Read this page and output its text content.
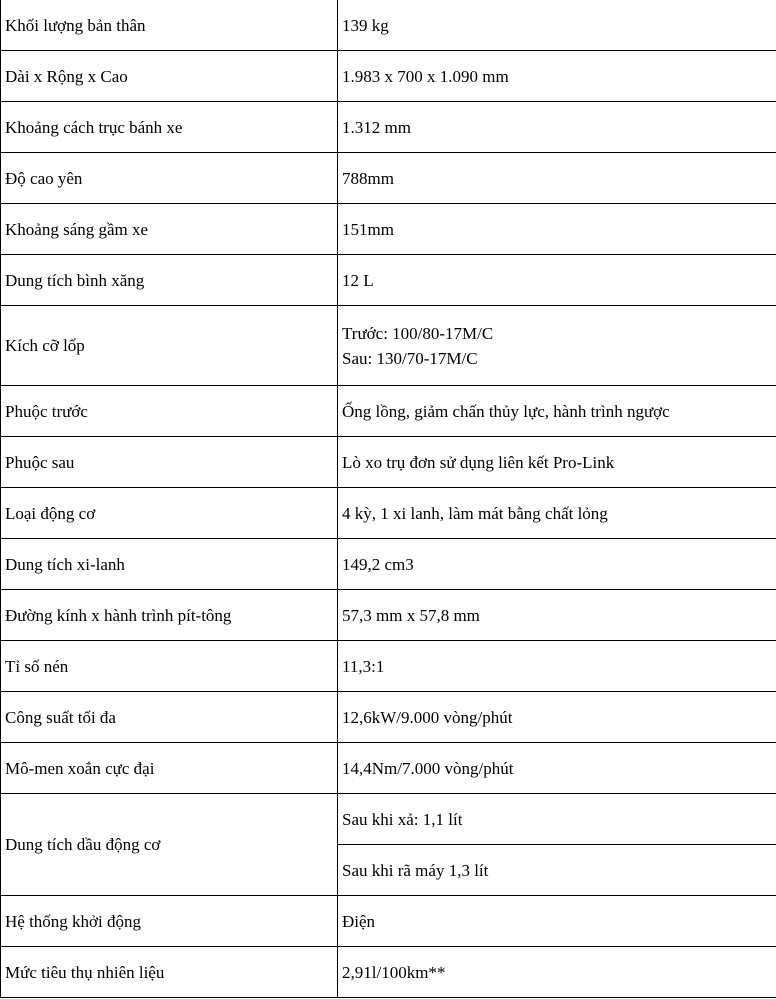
Khối lượng bản thân	139 kg
Dài x Rộng x Cao	1.983 x 700 x 1.090 mm
Khoảng cách trục bánh xe	1.312 mm
Độ cao yên	788mm
Khoảng sáng gầm xe	151mm
Dung tích bình xăng	12 L
Kích cỡ lốp	Trước: 100/80-17M/C
Sau: 130/70-17M/C

Phuộc trước	Ống lồng, giảm chấn thủy lực, hành trình ngược
Phuộc sau	Lò xo trụ đơn sử dụng liên kết Pro-Link
Loại động cơ	4 kỳ, 1 xi lanh, làm mát bằng chất lỏng
Dung tích xi-lanh	149,2 cm3
Đường kính x hành trình pít-tông	57,3 mm x 57,8 mm
Tỉ số nén	11,3:1
Công suất tối đa	12,6kW/9.000 vòng/phút
Mô-men xoắn cực đại	14,4Nm/7.000 vòng/phút
Dung tích dầu động cơ	Sau khi xả: 1,1 lít
	Sau khi rã máy 1,3 lít
Hệ thống khởi động	Điện
Mức tiêu thụ nhiên liệu	2,91l/100km**
